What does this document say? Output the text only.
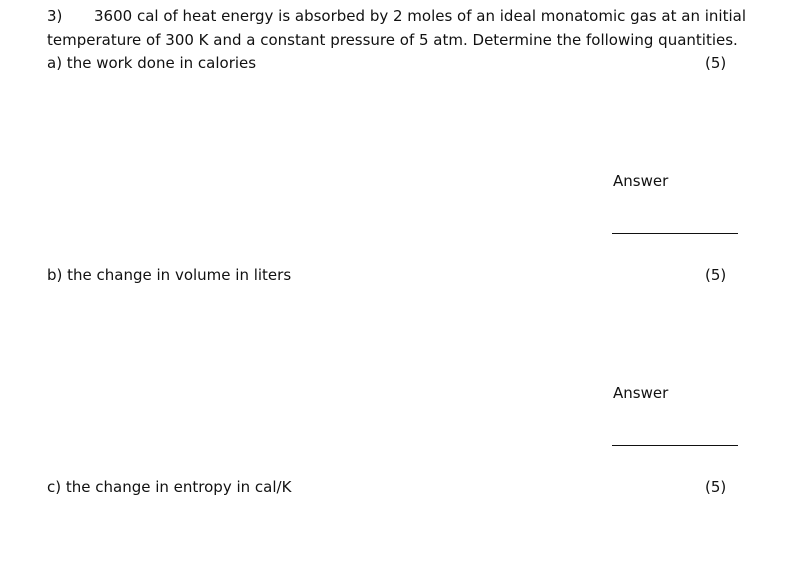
3) 3600 cal of heat energy is absorbed by 2 moles of an ideal monatomic gas at an initial
temperature of 300 K and a constant pressure of 5 atm. Determine the following quantities.
a) the work done in calories	(5)
Answer
b) the change in volume in liters	(5)
Answer
c) the change in entropy in cal/K	(5)
